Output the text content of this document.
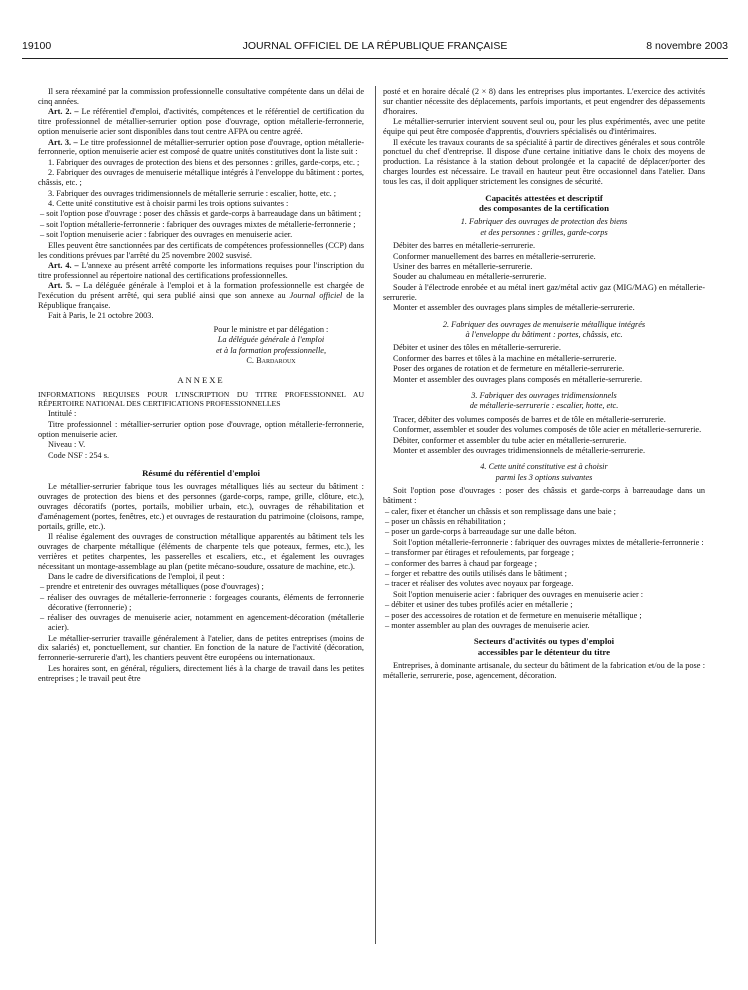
19100	JOURNAL OFFICIEL DE LA RÉPUBLIQUE FRANÇAISE	8 novembre 2003

Il sera réexaminé par la commission professionnelle consultative compétente dans un délai de cinq années.

Art. 2. – Le référentiel d'emploi, d'activités, compétences et le référentiel de certification du titre professionnel de métallier-serrurier option pose d'ouvrage, option métallerie-ferronnerie, option menuiserie acier sont disponibles dans tout centre AFPA ou centre agréé.

Art. 3. – Le titre professionnel de métallier-serrurier option pose d'ouvrage, option métallerie-ferronnerie, option menuiserie acier est composé de quatre unités constitutives dont la liste suit :

1. Fabriquer des ouvrages de protection des biens et des personnes : grilles, garde-corps, etc. ;

2. Fabriquer des ouvrages de menuiserie métallique intégrés à l'enveloppe du bâtiment : portes, châssis, etc. ;

3. Fabriquer des ouvrages tridimensionnels de métallerie serrurie : escalier, hotte, etc. ;

4. Cette unité constitutive est à choisir parmi les trois options suivantes :

– soit l'option pose d'ouvrage : poser des châssis et garde-corps à barreaudage dans un bâtiment ;

– soit l'option métallerie-ferronnerie : fabriquer des ouvrages mixtes de métallerie-ferronnerie ;

– soit l'option menuiserie acier : fabriquer des ouvrages en menuiserie acier.

Elles peuvent être sanctionnées par des certificats de compétences professionnelles (CCP) dans les conditions prévues par l'arrêté du 25 novembre 2002 susvisé.

Art. 4. – L'annexe au présent arrêté comporte les informations requises pour l'inscription du titre professionnel au répertoire national des certifications professionnelles.

Art. 5. – La déléguée générale à l'emploi et à la formation professionnelle est chargée de l'exécution du présent arrêté, qui sera publié ainsi que son annexe au Journal officiel de la République française.

Fait à Paris, le 21 octobre 2003.

Pour le ministre et par délégation :

La déléguée générale à l'emploi

et à la formation professionnelle,

C. Bardaroux

ANNEXE

INFORMATIONS REQUISES POUR L'INSCRIPTION DU TITRE PROFESSIONNEL AU RÉPERTOIRE NATIONAL DES CERTIFICATIONS PROFESSIONNELLES

Intitulé :

Titre professionnel : métallier-serrurier option pose d'ouvrage, option métallerie-ferronnerie, option menuiserie acier.

Niveau : V.

Code NSF : 254 s.

Résumé du référentiel d'emploi

Le métallier-serrurier fabrique tous les ouvrages métalliques liés au secteur du bâtiment : ouvrages de protection des biens et des personnes (garde-corps, rampe, grille, clôture, etc.), ouvrages décoratifs (portes, portails, mobilier urbain, etc.), ouvrages de réhabilitation et d'aménagement (portes, fenêtres, etc.) et ouvrages de restauration du patrimoine (cloisons, rampe, portails, grille, etc.).

Il réalise également des ouvrages de construction métallique apparentés au bâtiment tels les ouvrages de charpente métallique (éléments de charpente tels que poteaux, fermes, etc.), les verrières et petites charpentes, les passerelles et escaliers, etc., et également les ouvrages nécessitant un montage-assemblage au plan (petite mécano-soudure, ossature de machine, etc.).

Dans le cadre de diversifications de l'emploi, il peut :

– prendre et entretenir des ouvrages métalliques (pose d'ouvrages) ;

– réaliser des ouvrages de métallerie-ferronnerie : forgeages courants, éléments de ferronnerie décorative (ferronnerie) ;

– réaliser des ouvrages de menuiserie acier, notamment en agencement-décoration (métallerie acier).

Le métallier-serrurier travaille généralement à l'atelier, dans de petites entreprises (moins de dix salariés) et, ponctuellement, sur chantier. En fonction de la nature de l'activité (décoration, ferronnerie-serrurerie d'art), les chantiers peuvent être européens ou internationaux.

Les horaires sont, en général, réguliers, directement liés à la charge de travail dans les petites entreprises ; le travail peut être

posté et en horaire décalé (2 × 8) dans les entreprises plus importantes. L'exercice des activités sur chantier nécessite des déplacements, parfois importants, et peut engendrer des dépassements d'horaires.

Le métallier-serrurier intervient souvent seul ou, pour les plus expérimentés, avec une petite équipe qui peut être composée d'apprentis, d'ouvriers spécialisés ou d'intérimaires.

Il exécute les travaux courants de sa spécialité à partir de directives générales et sous contrôle ponctuel du chef d'entreprise. Il dispose d'une certaine initiative dans le choix des moyens de production. La résistance à la station debout prolongée et la capacité de déplacer/porter des charges lourdes est nécessaire. Le travail en hauteur peut être occasionnel dans l'atelier. Dans tous les cas, il doit appliquer strictement les consignes de sécurité.

Capacités attestées et descriptif

des composantes de la certification

1. Fabriquer des ouvrages de protection des biens

et des personnes : grilles, garde-corps

Débiter des barres en métallerie-serrurerie.

Conformer manuellement des barres en métallerie-serrurerie.

Usiner des barres en métallerie-serrurerie.

Souder au chalumeau en métallerie-serrurerie.

Souder à l'électrode enrobée et au métal inert gaz/métal activ gaz (MIG/MAG) en métallerie-serrurerie.

Monter et assembler des ouvrages plans simples de métallerie-serrurerie.

2. Fabriquer des ouvrages de menuiserie métallique intégrés

à l'enveloppe du bâtiment : portes, châssis, etc.

Débiter et usiner des tôles en métallerie-serrurerie.

Conformer des barres et tôles à la machine en métallerie-serrurerie.

Poser des organes de rotation et de fermeture en métallerie-serrurerie.

Monter et assembler des ouvrages plans composés en métallerie-serrurerie.

3. Fabriquer des ouvrages tridimensionnels

de métallerie-serrurerie : escalier, hotte, etc.

Tracer, débiter des volumes composés de barres et de tôle en métallerie-serrurerie.

Conformer, assembler et souder des volumes composés de tôle acier en métallerie-serrurerie.

Débiter, conformer et assembler du tube acier en métallerie-serrurerie.

Monter et assembler des ouvrages tridimensionnels de métallerie-serrurerie.

4. Cette unité constitutive est à choisir

parmi les 3 options suivantes

Soit l'option pose d'ouvrages : poser des châssis et garde-corps à barreaudage dans un bâtiment :

– caler, fixer et étancher un châssis et son remplissage dans une baie ;

– poser un châssis en réhabilitation ;

– poser un garde-corps à barreaudage sur une dalle béton.

Soit l'option métallerie-ferronnerie : fabriquer des ouvrages mixtes de métallerie-ferronnerie :

– transformer par étirages et refoulements, par forgeage ;

– conformer des barres à chaud par forgeage ;

– forger et rebattre des outils utilisés dans le bâtiment ;

– tracer et réaliser des volutes avec noyaux par forgeage.

Soit l'option menuiserie acier : fabriquer des ouvrages en menuiserie acier :

– débiter et usiner des tubes profilés acier en métallerie ;

– poser des accessoires de rotation et de fermeture en menuiserie métallique ;

– monter assembler au plan des ouvrages de menuiserie acier.

Secteurs d'activités ou types d'emploi

accessibles par le détenteur du titre

Entreprises, à dominante artisanale, du secteur du bâtiment de la fabrication et/ou de la pose : métallerie, serrurerie, pose, agencement, décoration.
